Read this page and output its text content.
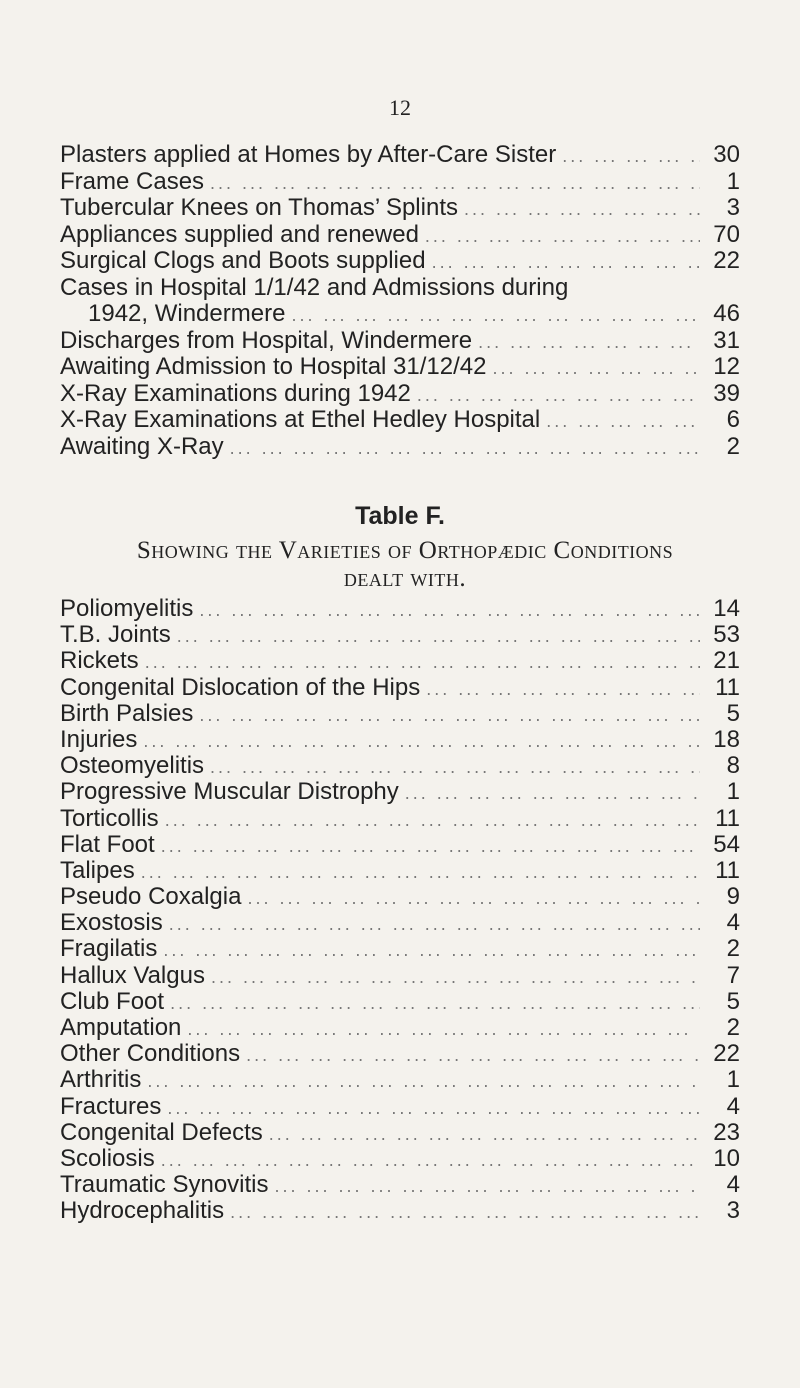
12
Plasters applied at Homes by After-Care Sister ... .	30
Frame Cases ... .	1
Tubercular Knees on Thomas’ Splints ... .	3
Appliances supplied and renewed ... .	70
Surgical Clogs and Boots supplied ... .	22
Cases in Hospital 1/1/42 and Admissions during
1942, Windermere ... .	46
Discharges from Hospital, Windermere ... .	31
Awaiting Admission to Hospital 31/12/42 ... .	12
X-Ray Examinations during 1942 ... .	39
X-Ray Examinations at Ethel Hedley Hospital ... .	6
Awaiting X-Ray ... .	2
Table F.
Showing the Varieties of Orthopædic Conditions
dealt with.
Poliomyelitis ... .	14
T.B. Joints ... .	53
Rickets ... .	21
Congenital Dislocation of the Hips ... .	11
Birth Palsies ... .	5
Injuries ... .	18
Osteomyelitis ... .	8
Progressive Muscular Distrophy ... .	1
Torticollis ... .	11
Flat Foot ... .	54
Talipes ... .	11
Pseudo Coxalgia ... .	9
Exostosis ... .	4
Fragilatis ... .	2
Hallux Valgus ... .	7
Club Foot ... .	5
Amputation ... .	2
Other Conditions ... .	22
Arthritis ... .	1
Fractures ... .	4
Congenital Defects ... .	23
Scoliosis ... .	10
Traumatic Synovitis ... .	4
Hydrocephalitis ... .	3
